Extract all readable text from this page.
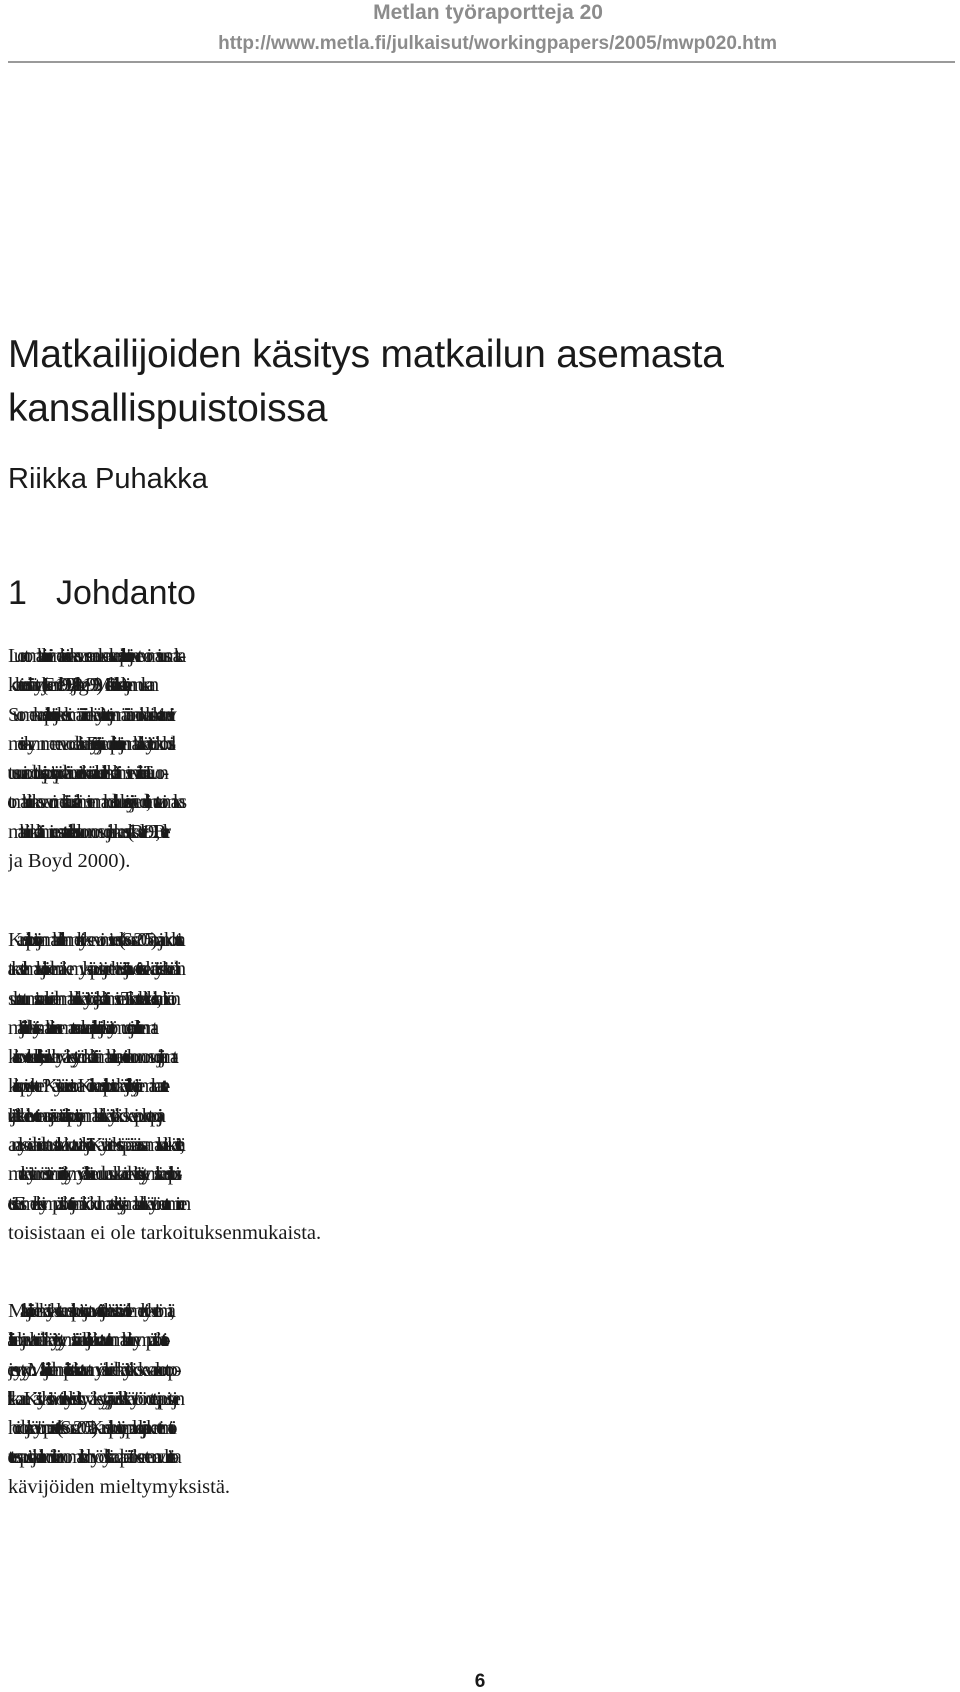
Metlan työraportteja 20
http://www.metla.fi/julkaisut/workingpapers/2005/mwp020.htm
Matkailijoiden käsitys matkailun asemasta
kansallispuistoissa
Riikka Puhakka
1 Johdanto
Luontomatkailun viimeaikaisen kasvun seurauksena kansallispuistojen vetovoimaisuus matka-
kohteina on lisääntynyt (ks. Fennell 1999, Hall ja Page 1999). Metsähallituksen tilastojen mukaan
Suomen kansallispuistojen keskimääräinen käyntikertojen määrä on noin kaksinkertaistunut vii-
meisen kymmenen vuoden aikana. Erityisesti syrjäseuduilla puistojen matkailukäyttöön kohdis-
tuu suuria odotuksia ja puistoja pidetään usein tärkeinä alueellisen kehittämisen välineinä. Luon-
tomatkailun kasvu voi merkitä uusia elämisen mahdollisuuksia syrjäseuduille, mutta voimakas
matkailun kehittäminen saattaa olla ristiriidassa luonnonsuojelun kanssa (ks. Butler 1991, Butler
ja Boyd 2000).
Kansallispuistojen matkailullisen merkityksen voimistuessa (ks. Sorsa 2005a) on ajankohtaista
tarkastella matkailijoiden näkemyksiä puistojen tehtävistä ja tavoitteista sekä erityisesti heidän
suhtautumistaan alueiden matkailukäyttöön ja -kehittämiseen. Tarkastelen artikkelissa, mikä on
matkailijoiden käsitys matkailun asemasta osana kansallispuistojen käyttömuotoja: millainen mat-
kailu soveltuu alueille, kuinka hyväksyttyä on kehittää matkailua, miten luonnonsuojelu ja mat-
kailu sopivat yhteen? Käytän aineistona Kolin kansallispuiston kävijöille tehtyjä teemahaastatte-
luja. Artikkelin tavoitteena on jäsentää erilaisia puistojen matkailukäyttöä koskevia puhetapoja ja
analysoida niiden taustalla vaikuttavia tekijöitä. Käytän tekstissä pääasiassa matkailu-käsitettä,
mutta käytännössä termiin sisältyy myös lähiseudun asukkaiden virkistäytymistä kansallispuis-
toissa. Esimerkiksi ympäristöhaittojen näkökulmasta virkistys- ja matkailukäytön erottaminen
toisistaan ei ole tarkoituksenmukaista.
Matkailijoiden käsitykset kansallispuistojen tavoitteista ja tehtävistä eivät ole merkityksettömiä,
sillä ne ohjaavat heidän käyttäytymistään alueilla ja vaikuttavat siten matkailun ympäristöhaitto-
jen syntyyn. Matkailijoiden mielipiteet vaikuttavat myös alueiden käyttöä koskevaan luontopo-
litiikkaan. Käsityksistä voi tulla yleisesti hyväksyttyjä ja virallisesti käyttöön otettuja puistojen
hoidon ja käytön periaatteita (ks. Sorsa 2005a). Kansallispuistojen palveluja ja rakenteita mitoi-
tettaessa puistoja hallinnoiville viranomaisille on hyödyllistä saada päätöksenteon avuksi tietoa
kävijöiden mieltymyksistä.
6
